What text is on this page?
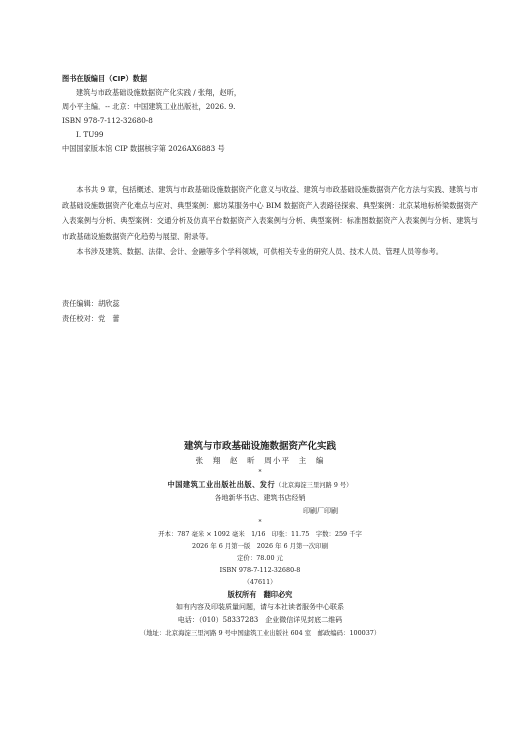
图书在版编目（CIP）数据
建筑与市政基础设施数据资产化实践 / 张翔，赵昕，
周小平主编．-- 北京：中国建筑工业出版社，2026. 9.
ISBN 978-7-112-32680-8
Ⅰ. TU99
中国国家版本馆 CIP 数据核字第 2026AX6883 号

本书共 9 章，包括概述、建筑与市政基础设施数据资产化意义与收益、建筑与市政基础设施数据资产化方法与实践、建筑与市政基础设施数据资产化难点与应对、典型案例：廊坊某服务中心 BIM 数据资产入表路径探索、典型案例：北京某地标桥梁数据资产入表案例与分析、典型案例：交通分析及仿真平台数据资产入表案例与分析、典型案例：标准图数据资产入表案例与分析、建筑与市政基础设施数据资产化趋势与展望、附录等。

本书涉及建筑、数据、法律、会计、金融等多个学科领域，可供相关专业的研究人员、技术人员、管理人员等参考。

责任编辑：胡欣蕊
责任校对：党　蕾
建筑与市政基础设施数据资产化实践
张　翔　赵　昕　周小平　主　编
*
中国建筑工业出版社出版、发行（北京海淀三里河路 9 号）
各地新华书店、建筑书店经销
印刷厂印刷
*
开本：787 毫米 × 1092 毫米　1/16　印张：11.75　字数：259 千字
2026 年 6 月第一版　2026 年 6 月第一次印刷
定价：78.00 元
ISBN 978-7-112-32680-8
（47611）
版权所有　翻印必究
如有内容及印装质量问题，请与本社读者服务中心联系
电话：（010）58337283　企业微信详见封底二维码
（地址：北京海淀三里河路 9 号中国建筑工业出版社 604 室　邮政编码：100037）
